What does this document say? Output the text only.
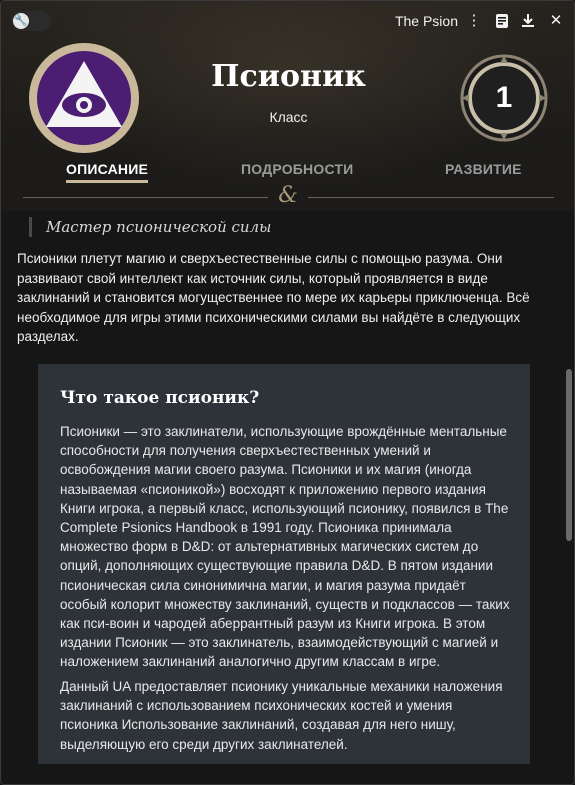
🔧	The Psion ⋮	✕
Псионик
Класс
1
ОПИСАНИЕ	ПОДРОБНОСТИ	РАЗВИТИЕ
&
Мастер псионической силы
Псионики плетут магию и сверхъестественные силы с помощью разума. Они развивают свой интеллект как источник силы, который проявляется в виде заклинаний и становится могущественнее по мере их карьеры приключенца. Всё необходимое для игры этими психоническими силами вы найдёте в следующих разделах.
Что такое псионик?

Псионики — это заклинатели, использующие врождённые ментальные способности для получения сверхъестественных умений и освобождения магии своего разума. Псионики и их магия (иногда называемая «псионикой») восходят к приложению первого издания Книги игрока, а первый класс, использующий псионику, появился в The Complete Psionics Handbook в 1991 году. Псионика принимала множество форм в D&D: от альтернативных магических систем до опций, дополняющих существующие правила D&D. В пятом издании псионическая сила синонимична магии, и магия разума придаёт особый колорит множеству заклинаний, существ и подклассов — таких как пси-воин и чародей аберрантный разум из Книги игрока. В этом издании Псионик — это заклинатель, взаимодействующий с магией и наложением заклинаний аналогично другим классам в игре.

Данный UA предоставляет псионику уникальные механики наложения заклинаний с использованием психонических костей и умения псионика Использование заклинаний, создавая для него нишу, выделяющую его среди других заклинателей.
